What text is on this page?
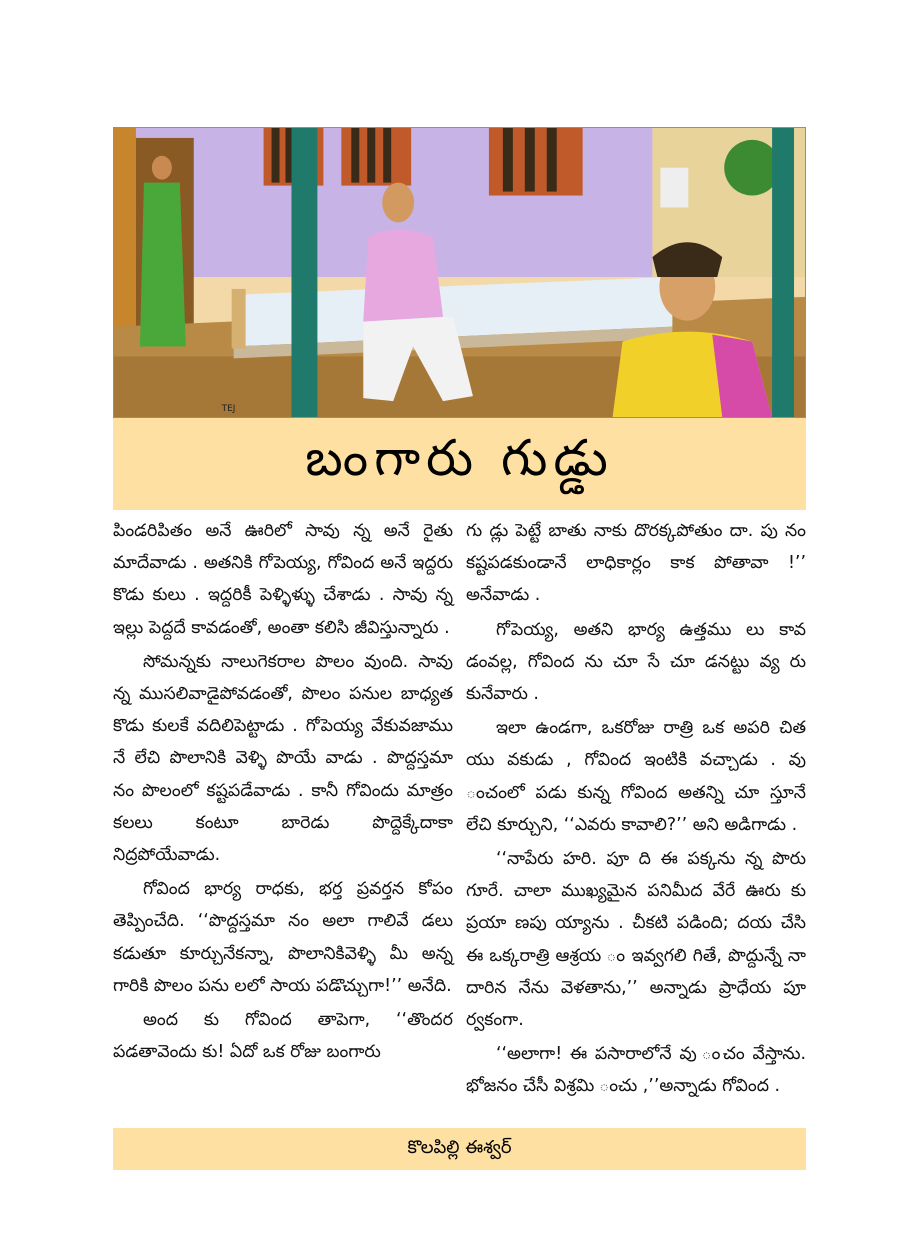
TEJ
బంగారు గుడ్డు

పిండరిపితం అనే ఊరిలో సావు న్న అనే రైతు మాదేవాడు . అతనికి గోపెయ్య, గోవింద అనే ఇద్దరు కొడు కులు . ఇద్దరికీ పెళ్ళిళ్ళు చేశాడు . సావు న్న ఇల్లు పెద్దదే కావడంతో, అంతా కలిసి జీవిస్తున్నారు .

సోమన్నకు నాలుగెకరాల పొలం వుంది. సావు న్న ముసలివాడైపోవడంతో, పొలం పనుల బాధ్యత కొడు కులకే వదిలిపెట్టాడు . గోపెయ్య వేకువజాము నే లేచి పొలానికి వెళ్ళి పొయే వాడు . పొద్దస్తమా నం పొలంలో కష్టపడేవాడు . కానీ గోవిందు మాత్రం కలలు కంటూ బారెడు పొద్దెక్కేదాకా నిద్రపోయేవాడు.

గోవింద భార్య రాధకు, భర్త ప్రవర్తన కోపం తెప్పించేది. ‘‘పొద్దస్తమా నం అలా గాలివే డలు కడుతూ కూర్చునేకన్నా, పొలానికివెళ్ళి మీ అన్న గారికి పొలం పను లలో సాయ పడొచ్చుగా!’’ అనేది.

అంద కు గోవింద తాపెగా, ‘‘తొందర పడతావెందు కు! ఏదో ఒక రోజు బంగారు

గు డ్లు పెట్టే బాతు నాకు దొరక్కపోతుం దా. పు నం కష్టపడకుండానే లాధికార్లం కాక పోతావా !’’ అనేవాడు .

గోపెయ్య, అతని భార్య ఉత్తము లు కావ డంవల్ల, గోవింద ను చూ సే చూ డనట్టు వ్య రు కునేవారు .

ఇలా ఉండగా, ఒకరోజు రాత్రి ఒక అపరి చిత యు వకుడు , గోవింద ఇంటికి వచ్చాడు . వు ంచంలో పడు కున్న గోవింద అతన్ని చూ స్తూనే లేచి కూర్చుని, ‘‘ఎవరు కావాలి?’’ అని అడిగాడు .

‘‘నాపేరు హరి. పూ ది ఈ పక్కను న్న పొరు గూరే. చాలా ముఖ్యమైన పనిమీద వేరే ఊరు కు ప్రయా ణపు య్యాను . చీకటి పడింది; దయ చేసి ఈ ఒక్కరాత్రి ఆశ్రయ ం ఇవ్వగలి గితే, పొద్దున్నే నా దారిన నేను వెళతాను,’’ అన్నాడు ప్రాధేయ పూ ర్వకంగా.

‘‘అలాగా! ఈ పసారాలోనే వు ంచం వేస్తాను. భోజనం చేసీ విశ్రమి ంచు ,’’అన్నాడు గోవింద .

కొలపిల్లి ఈశ్వర్
